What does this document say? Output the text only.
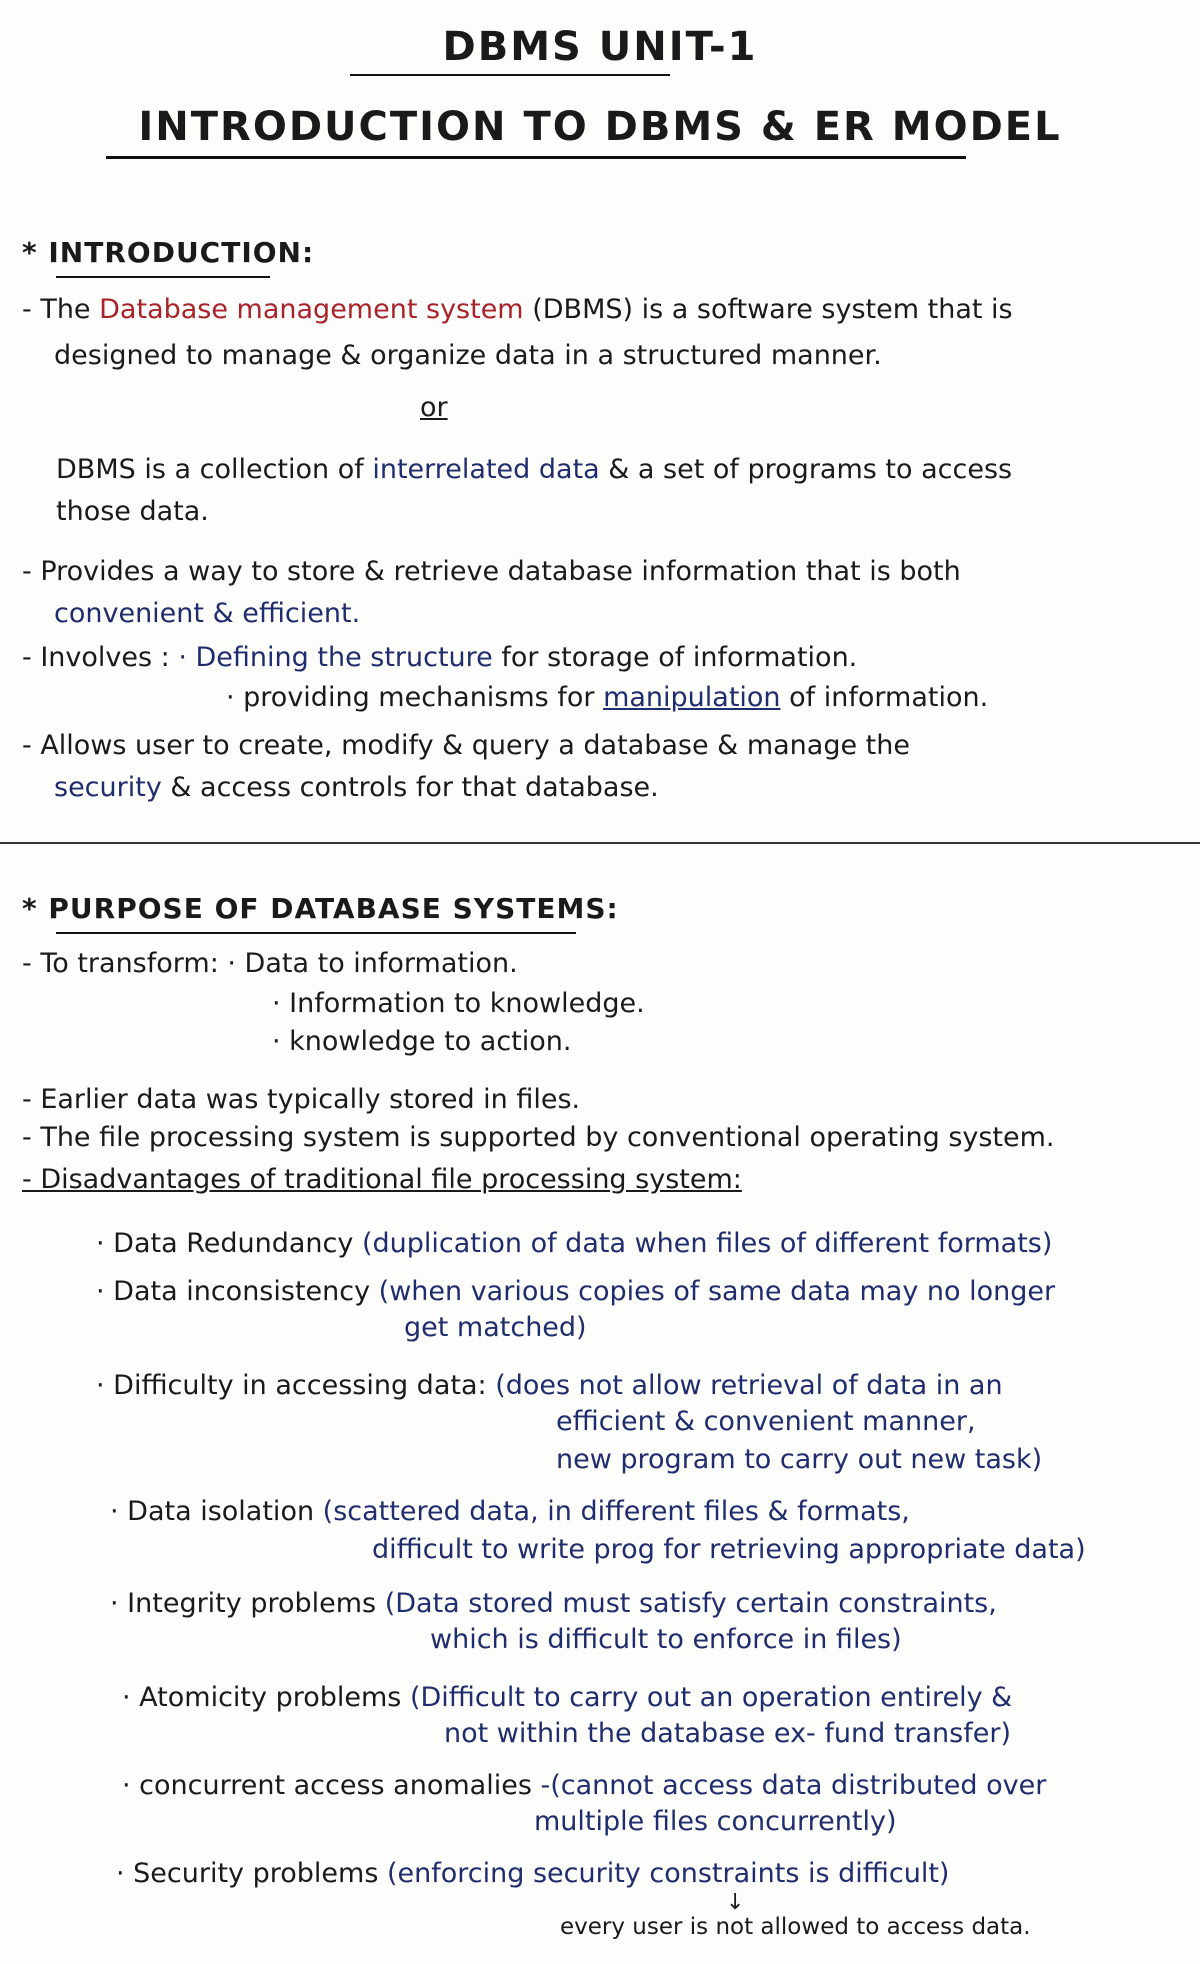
DBMS UNIT-1
INTRODUCTION TO DBMS & ER MODEL
* INTRODUCTION:
- The Database management system (DBMS) is a software system that is
designed to manage & organize data in a structured manner.
or
DBMS is a collection of interrelated data & a set of programs to access
those data.
- Provides a way to store & retrieve database information that is both
convenient & efficient.
- Involves : · Defining the structure for storage of information.
· providing mechanisms for manipulation of information.
- Allows user to create, modify & query a database & manage the
security & access controls for that database.
* PURPOSE OF DATABASE SYSTEMS:
- To transform: · Data to information.
· Information to knowledge.
· knowledge to action.
- Earlier data was typically stored in files.
- The file processing system is supported by conventional operating system.
- Disadvantages of traditional file processing system:
· Data Redundancy (duplication of data when files of different formats)
· Data inconsistency (when various copies of same data may no longer
get matched)
· Difficulty in accessing data: (does not allow retrieval of data in an
efficient & convenient manner,
new program to carry out new task)
· Data isolation (scattered data, in different files & formats,
difficult to write prog for retrieving appropriate data)
· Integrity problems (Data stored must satisfy certain constraints,
which is difficult to enforce in files)
· Atomicity problems (Difficult to carry out an operation entirely &
not within the database ex- fund transfer)
· concurrent access anomalies -(cannot access data distributed over
multiple files concurrently)
· Security problems (enforcing security constraints is difficult)
↓
every user is not allowed to access data.
